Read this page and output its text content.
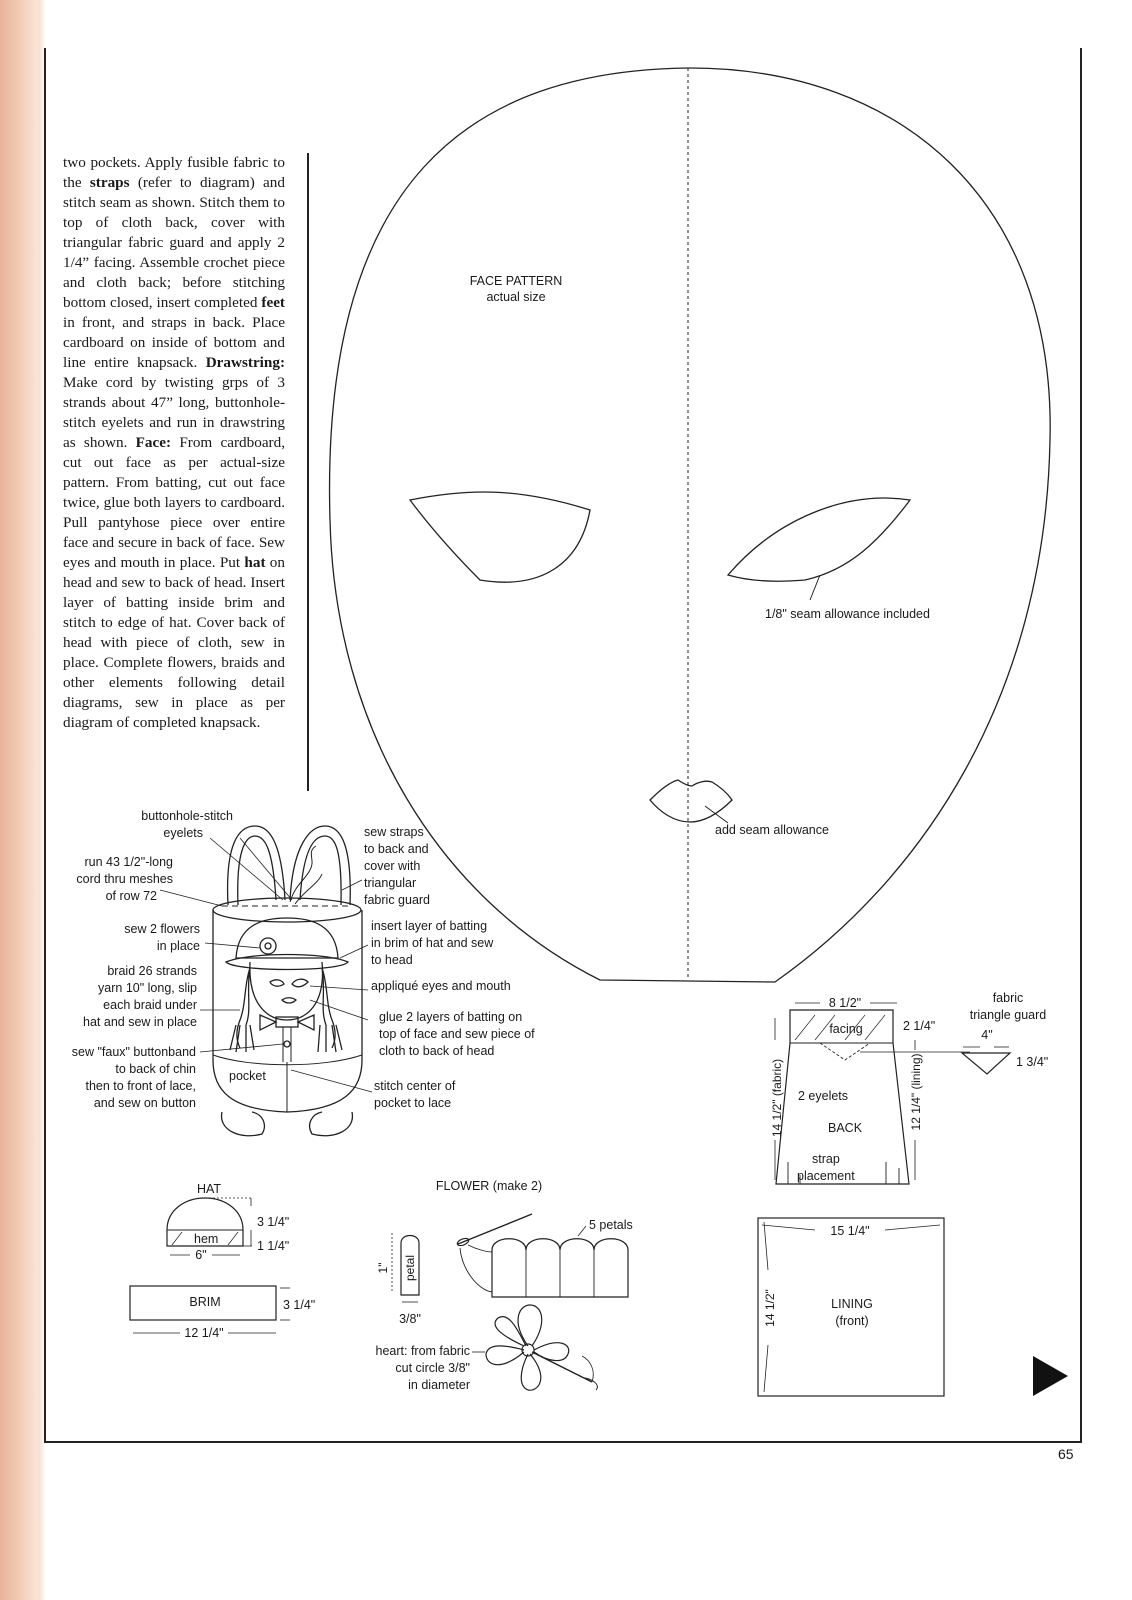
65
two pockets. Apply fusible fabric to the straps (refer to diagram) and stitch seam as shown. Stitch them to top of cloth back, cover with triangular fabric guard and apply 2 1/4” facing. Assemble crochet piece and cloth back; before stitching bottom closed, insert completed feet in front, and straps in back. Place cardboard on inside of bottom and line entire knapsack. Drawstring: Make cord by twisting grps of 3 strands about 47” long, buttonhole-stitch eyelets and run in drawstring as shown. Face: From cardboard, cut out face as per actual-size pattern. From batting, cut out face twice, glue both layers to cardboard. Pull pantyhose piece over entire face and secure in back of face. Sew eyes and mouth in place. Put hat on head and sew to back of head. Insert layer of batting inside brim and stitch to edge of hat. Cover back of head with piece of cloth, sew in place. Complete flowers, braids and other elements following detail diagrams, sew in place as per diagram of completed knapsack.
FACE PATTERN
actual size
1/8" seam allowance included
add seam allowance
buttonhole-stitch
eyelets
run 43 1/2"-long
cord thru meshes
of row 72
sew 2 flowers
in place
braid 26 strands
yarn 10" long, slip
each braid under
hat and sew in place
sew "faux" buttonband
to back of chin
then to front of lace,
and sew on button
pocket
sew straps
to back and
cover with
triangular
fabric guard
insert layer of batting
in brim of hat and sew
to head
appliqué eyes and mouth
glue 2 layers of batting on
top of face and sew piece of
cloth to back of head
stitch center of
pocket to lace
8 1/2"
facing	2 1/4"
2 eyelets
BACK
strap
placement
14 1/2" (fabric)	12 1/4" (lining)
fabric
triangle guard
4"
1 3/4"
HAT
3 1/4"
hem	1 1/4"
6"
BRIM	3 1/4"
12 1/4"
FLOWER (make 2)
5 petals
petal
1"
3/8"
heart: from fabric
cut circle 3/8"
in diameter
15 1/4"
14 1/2"	LINING
(front)
